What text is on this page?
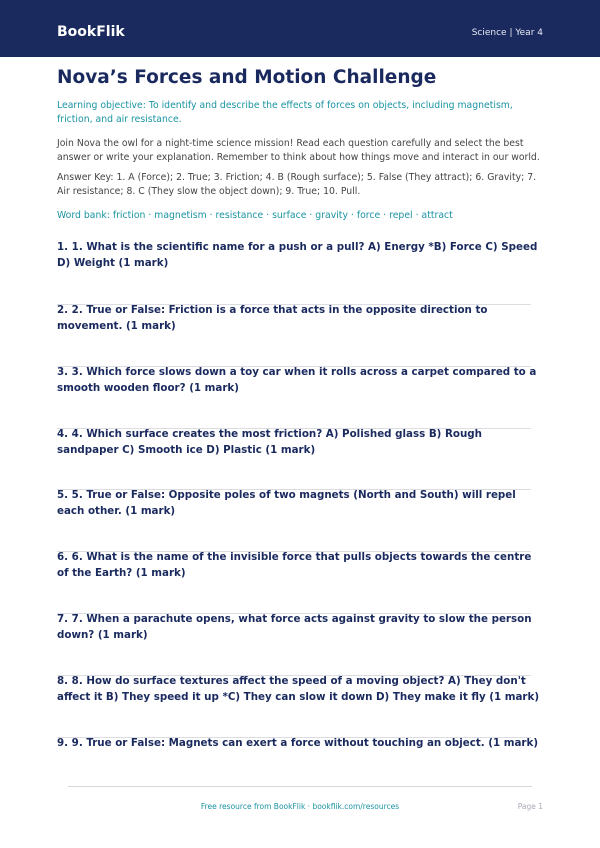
BookFlik	Science | Year 4
Nova’s Forces and Motion Challenge
Learning objective: To identify and describe the effects of forces on objects, including magnetism, friction, and air resistance.
Join Nova the owl for a night-time science mission! Read each question carefully and select the best answer or write your explanation. Remember to think about how things move and interact in our world.
Answer Key: 1. A (Force); 2. True; 3. Friction; 4. B (Rough surface); 5. False (They attract); 6. Gravity; 7. Air resistance; 8. C (They slow the object down); 9. True; 10. Pull.
Word bank: friction · magnetism · resistance · surface · gravity · force · repel · attract
1. 1. What is the scientific name for a push or a pull? A) Energy *B) Force C) Speed D) Weight (1 mark)
2. 2. True or False: Friction is a force that acts in the opposite direction to movement. (1 mark)
3. 3. Which force slows down a toy car when it rolls across a carpet compared to a smooth wooden floor? (1 mark)
4. 4. Which surface creates the most friction? A) Polished glass B) Rough sandpaper C) Smooth ice D) Plastic (1 mark)
5. 5. True or False: Opposite poles of two magnets (North and South) will repel each other. (1 mark)
6. 6. What is the name of the invisible force that pulls objects towards the centre of the Earth? (1 mark)
7. 7. When a parachute opens, what force acts against gravity to slow the person down? (1 mark)
8. 8. How do surface textures affect the speed of a moving object? A) They don't affect it B) They speed it up *C) They can slow it down D) They make it fly (1 mark)
9. 9. True or False: Magnets can exert a force without touching an object. (1 mark)
Free resource from BookFlik · bookflik.com/resources	Page 1
